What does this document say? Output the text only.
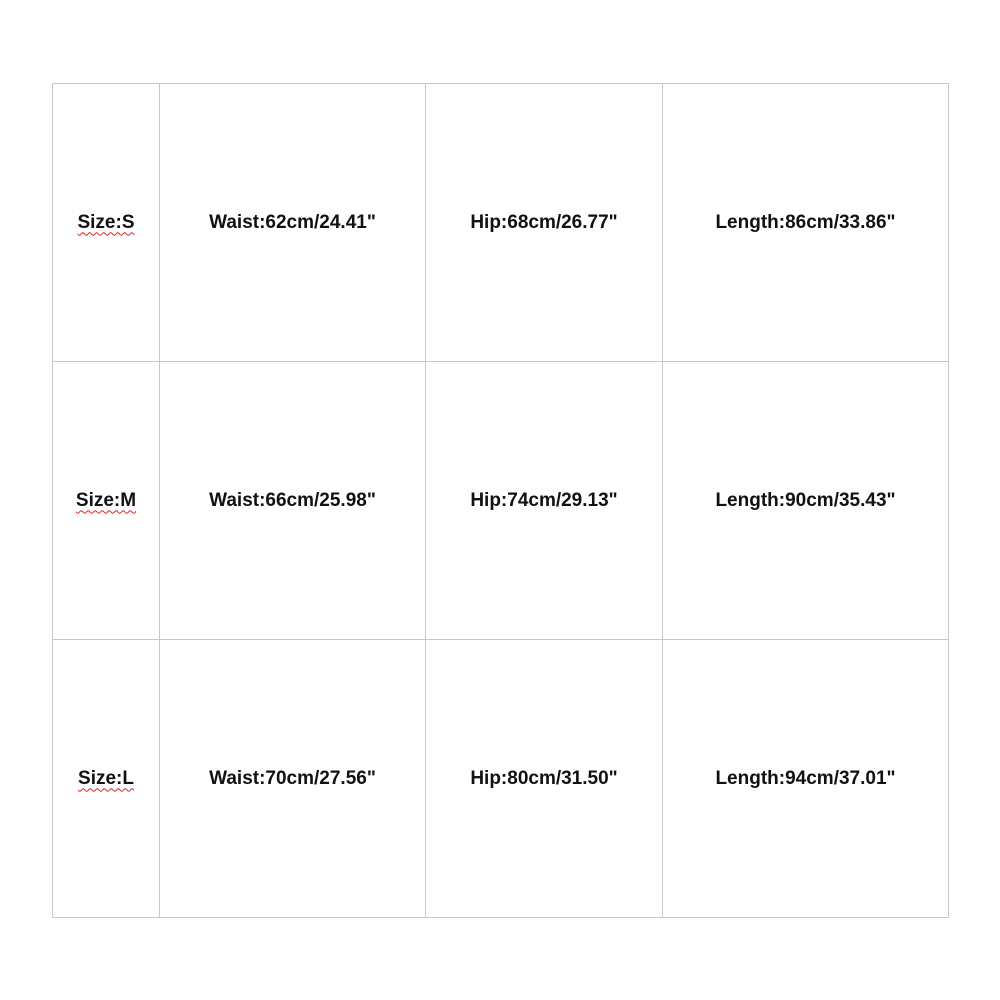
Size:S	Waist:62cm/24.41"	Hip:68cm/26.77"	Length:86cm/33.86"
Size:M	Waist:66cm/25.98"	Hip:74cm/29.13"	Length:90cm/35.43"
Size:L	Waist:70cm/27.56"	Hip:80cm/31.50"	Length:94cm/37.01"
